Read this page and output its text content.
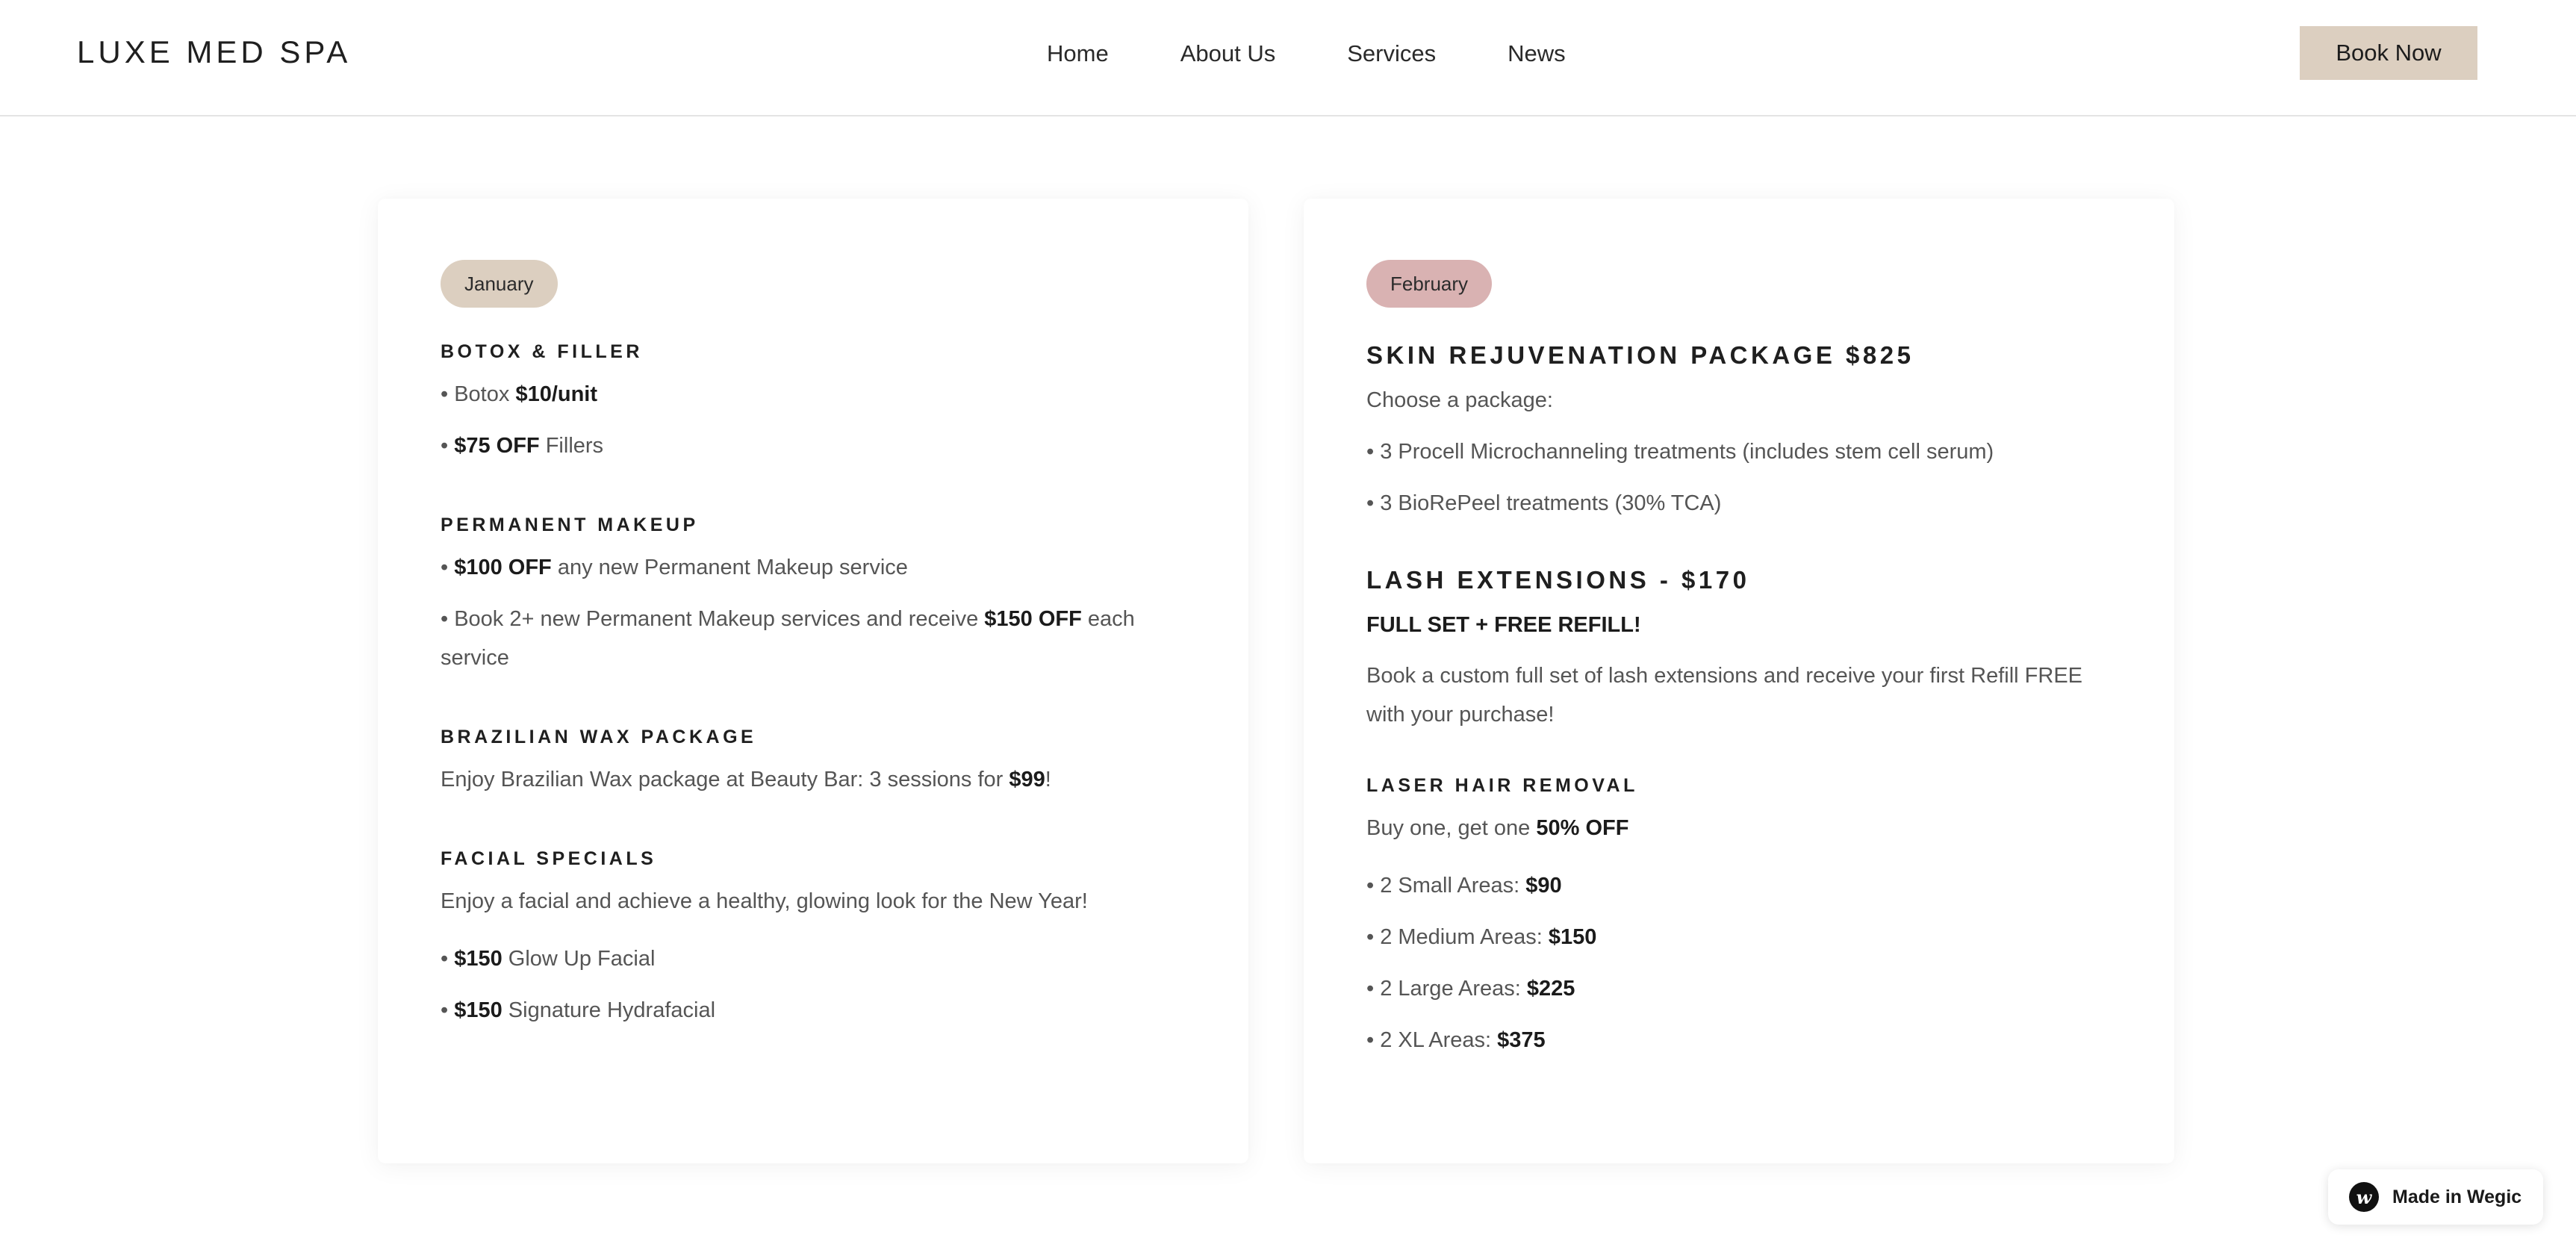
LUXE MED SPA	Home	About Us	Services	News	Book Now
January
BOTOX & FILLER
• Botox $10/unit
• $75 OFF Fillers
PERMANENT MAKEUP
• $100 OFF any new Permanent Makeup service
• Book 2+ new Permanent Makeup services and receive $150 OFF each service
BRAZILIAN WAX PACKAGE
Enjoy Brazilian Wax package at Beauty Bar: 3 sessions for $99!
FACIAL SPECIALS
Enjoy a facial and achieve a healthy, glowing look for the New Year!
• $150 Glow Up Facial
• $150 Signature Hydrafacial
February
SKIN REJUVENATION PACKAGE $825
Choose a package:
• 3 Procell Microchanneling treatments (includes stem cell serum)
• 3 BioRePeel treatments (30% TCA)
LASH EXTENSIONS - $170
FULL SET + FREE REFILL!
Book a custom full set of lash extensions and receive your first Refill FREE with your purchase!
LASER HAIR REMOVAL
Buy one, get one 50% OFF
• 2 Small Areas: $90
• 2 Medium Areas: $150
• 2 Large Areas: $225
• 2 XL Areas: $375
w	Made in Wegic
